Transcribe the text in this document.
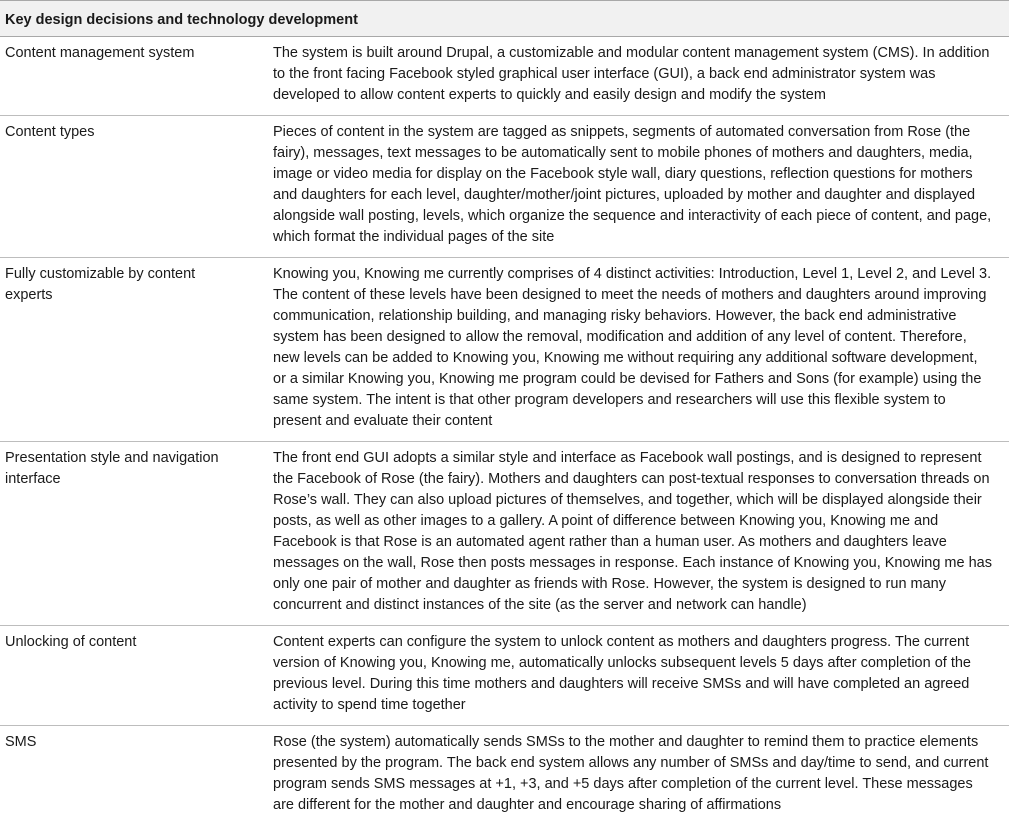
Key design decisions and technology development	
Content management system	The system is built around Drupal, a customizable and modular content management system (CMS). In addition to the front facing Facebook styled graphical user interface (GUI), a back end administrator system was developed to allow content experts to quickly and easily design and modify the system
Content types	Pieces of content in the system are tagged as snippets, segments of automated conversation from Rose (the fairy), messages, text messages to be automatically sent to mobile phones of mothers and daughters, media, image or video media for display on the Facebook style wall, diary questions, reflection questions for mothers and daughters for each level, daughter/mother/joint pictures, uploaded by mother and daughter and displayed alongside wall posting, levels, which organize the sequence and interactivity of each piece of content, and page, which format the individual pages of the site
Fully customizable by content experts	Knowing you, Knowing me currently comprises of 4 distinct activities: Introduction, Level 1, Level 2, and Level 3. The content of these levels have been designed to meet the needs of mothers and daughters around improving communication, relationship building, and managing risky behaviors. However, the back end administrative system has been designed to allow the removal, modification and addition of any level of content. Therefore, new levels can be added to Knowing you, Knowing me without requiring any additional software development, or a similar Knowing you, Knowing me program could be devised for Fathers and Sons (for example) using the same system. The intent is that other program developers and researchers will use this flexible system to present and evaluate their content
Presentation style and navigation interface	The front end GUI adopts a similar style and interface as Facebook wall postings, and is designed to represent the Facebook of Rose (the fairy). Mothers and daughters can post-textual responses to conversation threads on Rose’s wall. They can also upload pictures of themselves, and together, which will be displayed alongside their posts, as well as other images to a gallery. A point of difference between Knowing you, Knowing me and Facebook is that Rose is an automated agent rather than a human user. As mothers and daughters leave messages on the wall, Rose then posts messages in response. Each instance of Knowing you, Knowing me has only one pair of mother and daughter as friends with Rose. However, the system is designed to run many concurrent and distinct instances of the site (as the server and network can handle)
Unlocking of content	Content experts can configure the system to unlock content as mothers and daughters progress. The current version of Knowing you, Knowing me, automatically unlocks subsequent levels 5 days after completion of the previous level. During this time mothers and daughters will receive SMSs and will have completed an agreed activity to spend time together
SMS	Rose (the system) automatically sends SMSs to the mother and daughter to remind them to practice elements presented by the program. The back end system allows any number of SMSs and day/time to send, and current program sends SMS messages at +1, +3, and +5 days after completion of the current level. These messages are different for the mother and daughter and encourage sharing of affirmations
